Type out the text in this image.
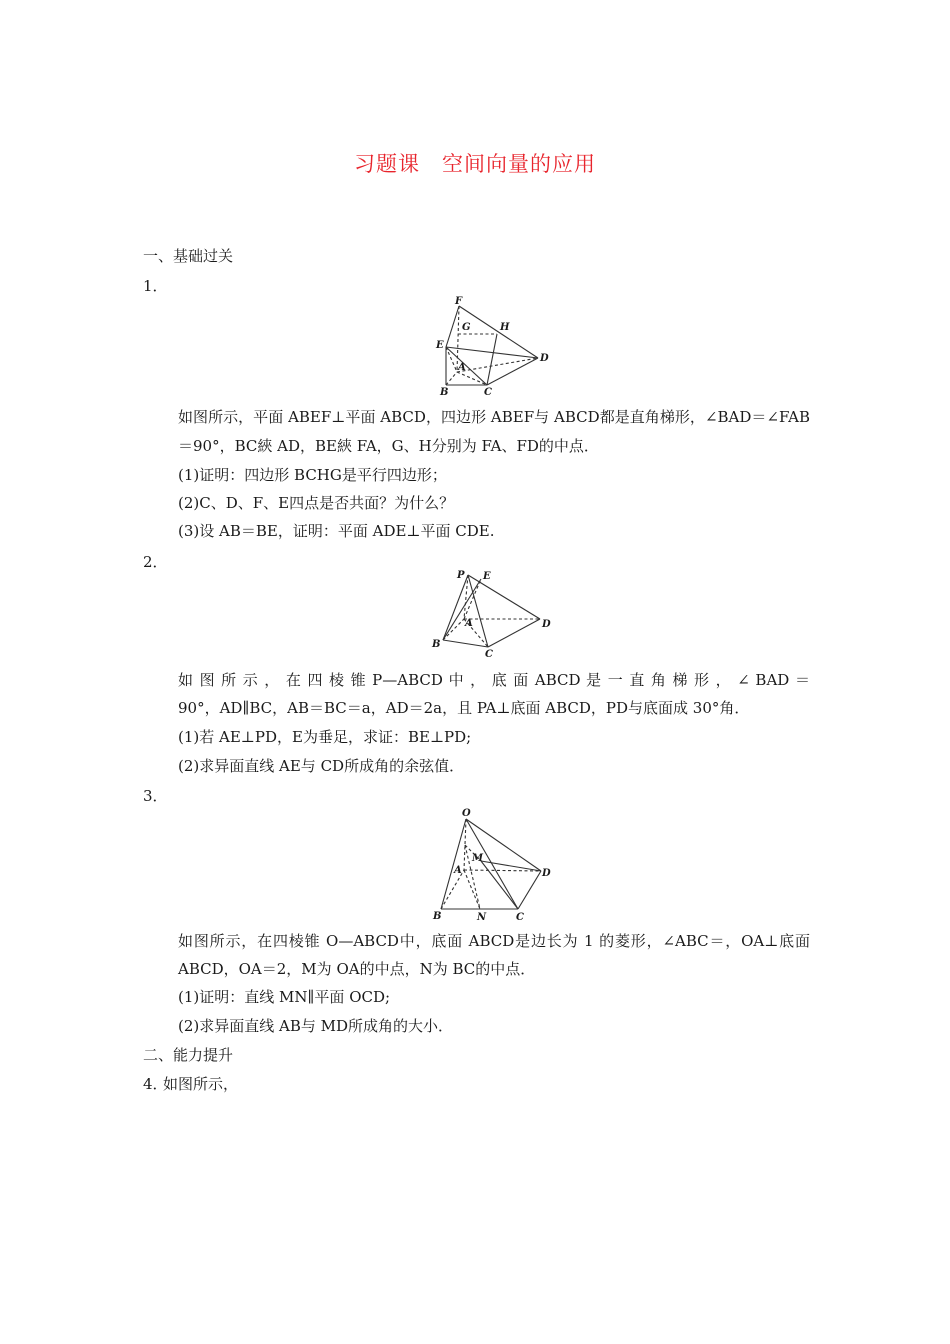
习题课　空间向量的应用
一、基础过关
1．
F
G	H
E
A
D
B	C
如图所示，平面 ABEF⊥平面 ABCD，四边形 ABEF与 ABCD都是直角梯形，∠BAD＝∠FAB
＝90°，BC綊 AD，BE綊 FA，G、H分别为 FA、FD的中点．
(1)证明：四边形 BCHG是平行四边形；
(2)C、D、F、E四点是否共面？为什么？
(3)设 AB＝BE，证明：平面 ADE⊥平面 CDE.
2．
P E
A	D
B
C
如 图 所 示 ， 在 四 棱 锥 P—ABCD 中 ， 底 面 ABCD 是 一 直 角 梯 形 ， ∠ BAD ＝
90°，AD∥BC，AB＝BC＝a，AD＝2a，且 PA⊥底面 ABCD，PD与底面成 30°角．
(1)若 AE⊥PD，E为垂足，求证：BE⊥PD;
(2)求异面直线 AE与 CD所成角的余弦值．
3．
O
M
A	D
B	N	C
如图所示，在四棱锥 O—ABCD中，底面 ABCD是边长为 1 的菱形，∠ABC＝，OA⊥底面
ABCD，OA＝2，M为 OA的中点，N为 BC的中点．
(1)证明：直线 MN∥平面 OCD;
(2)求异面直线 AB与 MD所成角的大小．
二、能力提升
4．
如图所示，
